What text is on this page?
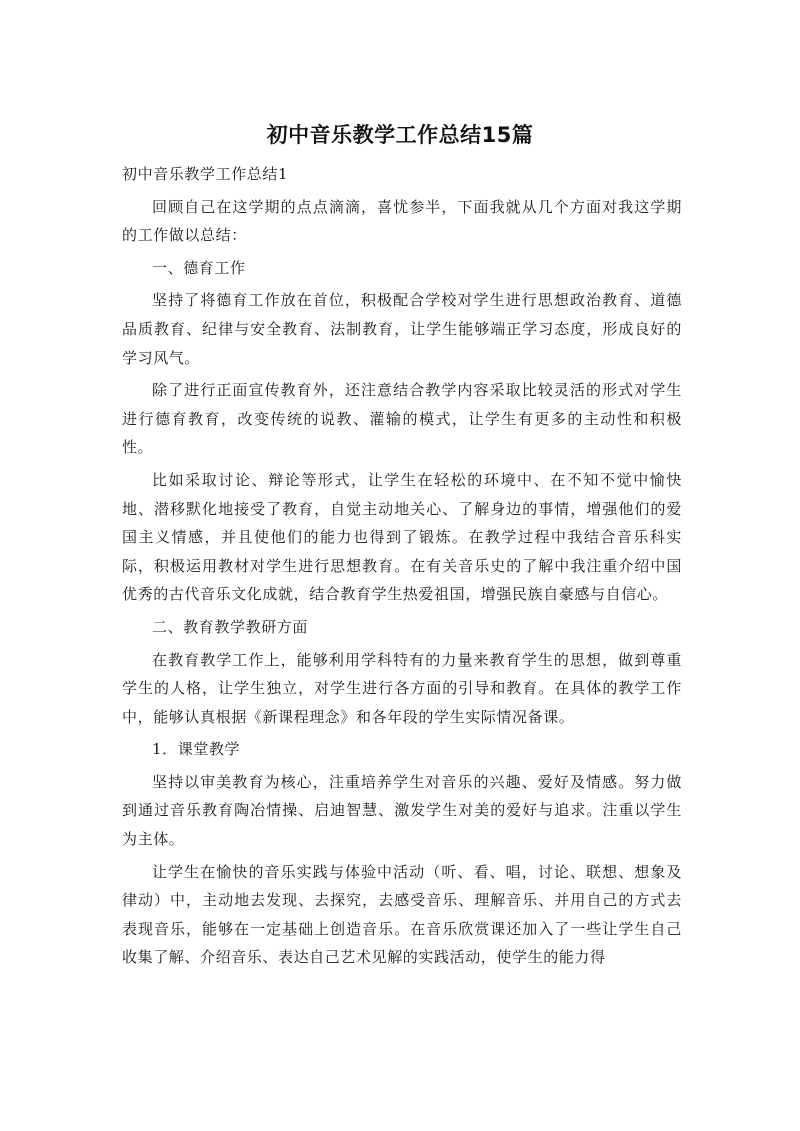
初中音乐教学工作总结15篇

初中音乐教学工作总结1

回顾自己在这学期的点点滴滴，喜忧参半，下面我就从几个方面对我这学期的工作做以总结：

一、德育工作

坚持了将德育工作放在首位，积极配合学校对学生进行思想政治教育、道德品质教育、纪律与安全教育、法制教育，让学生能够端正学习态度，形成良好的学习风气。

除了进行正面宣传教育外，还注意结合教学内容采取比较灵活的形式对学生进行德育教育，改变传统的说教、灌输的模式，让学生有更多的主动性和积极性。

比如采取讨论、辩论等形式，让学生在轻松的环境中、在不知不觉中愉快地、潜移默化地接受了教育，自觉主动地关心、了解身边的事情，增强他们的爱国主义情感，并且使他们的能力也得到了锻炼。在教学过程中我结合音乐科实际，积极运用教材对学生进行思想教育。在有关音乐史的了解中我注重介绍中国优秀的古代音乐文化成就，结合教育学生热爱祖国，增强民族自豪感与自信心。

二、教育教学教研方面

在教育教学工作上，能够利用学科特有的力量来教育学生的思想，做到尊重学生的人格，让学生独立，对学生进行各方面的引导和教育。在具体的教学工作中，能够认真根据《新课程理念》和各年段的学生实际情况备课。

1．课堂教学

坚持以审美教育为核心，注重培养学生对音乐的兴趣、爱好及情感。努力做到通过音乐教育陶冶情操、启迪智慧、激发学生对美的爱好与追求。注重以学生为主体。

让学生在愉快的音乐实践与体验中活动（听、看、唱，讨论、联想、想象及律动）中，主动地去发现、去探究，去感受音乐、理解音乐、并用自己的方式去表现音乐，能够在一定基础上创造音乐。在音乐欣赏课还加入了一些让学生自己收集了解、介绍音乐、表达自己艺术见解的实践活动，使学生的能力得
